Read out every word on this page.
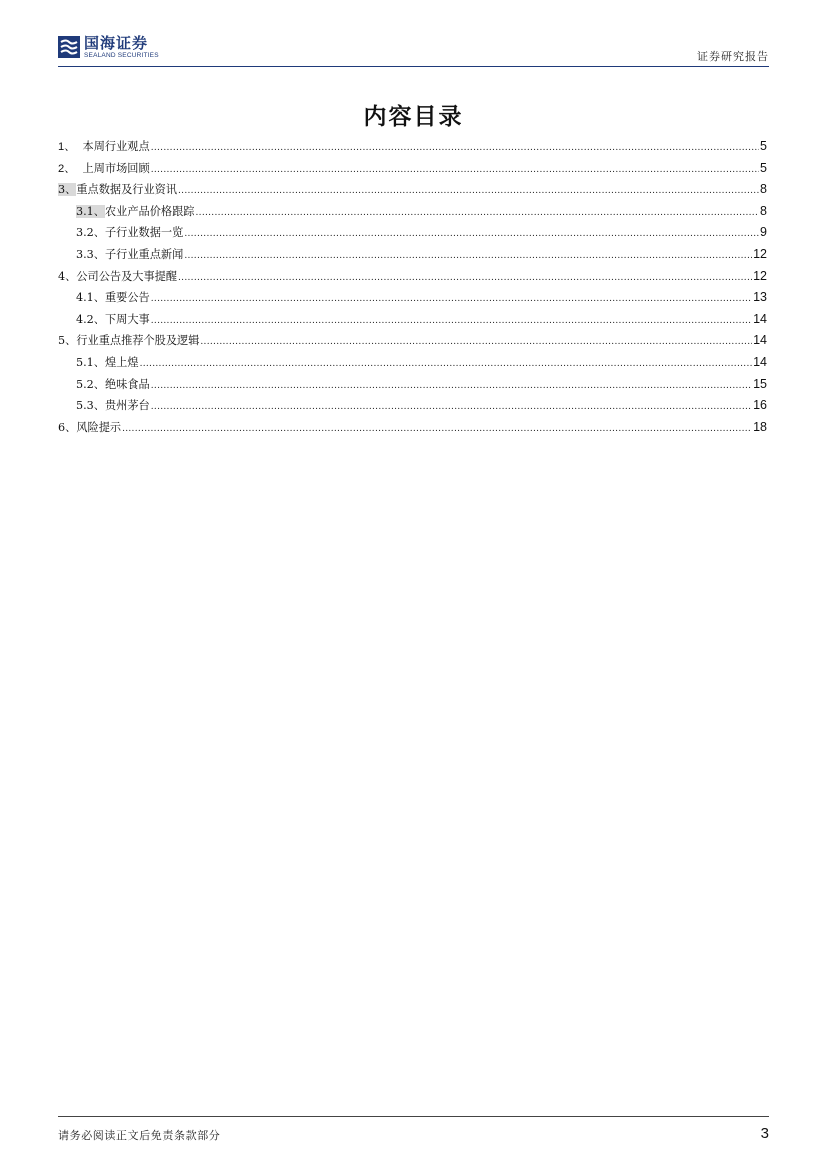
国海证券
SEALAND SECURITIES	证券研究报告
内容目录
1、 本周行业观点 .....	5
2、 上周市场回顾 .....	5
3、重点数据及行业资讯 .....	8
3.1、农业产品价格跟踪 .....	8
3.2、子行业数据一览 .....	9
3.3、子行业重点新闻 .....	12
4、公司公告及大事提醒 .....	12
4.1、重要公告 .....	13
4.2、下周大事 .....	14
5、行业重点推荐个股及逻辑 .....	14
5.1、煌上煌 .....	14
5.2、绝味食品 .....	15
5.3、贵州茅台 .....	16
6、风险提示 .....	18
请务必阅读正文后免责条款部分	3
